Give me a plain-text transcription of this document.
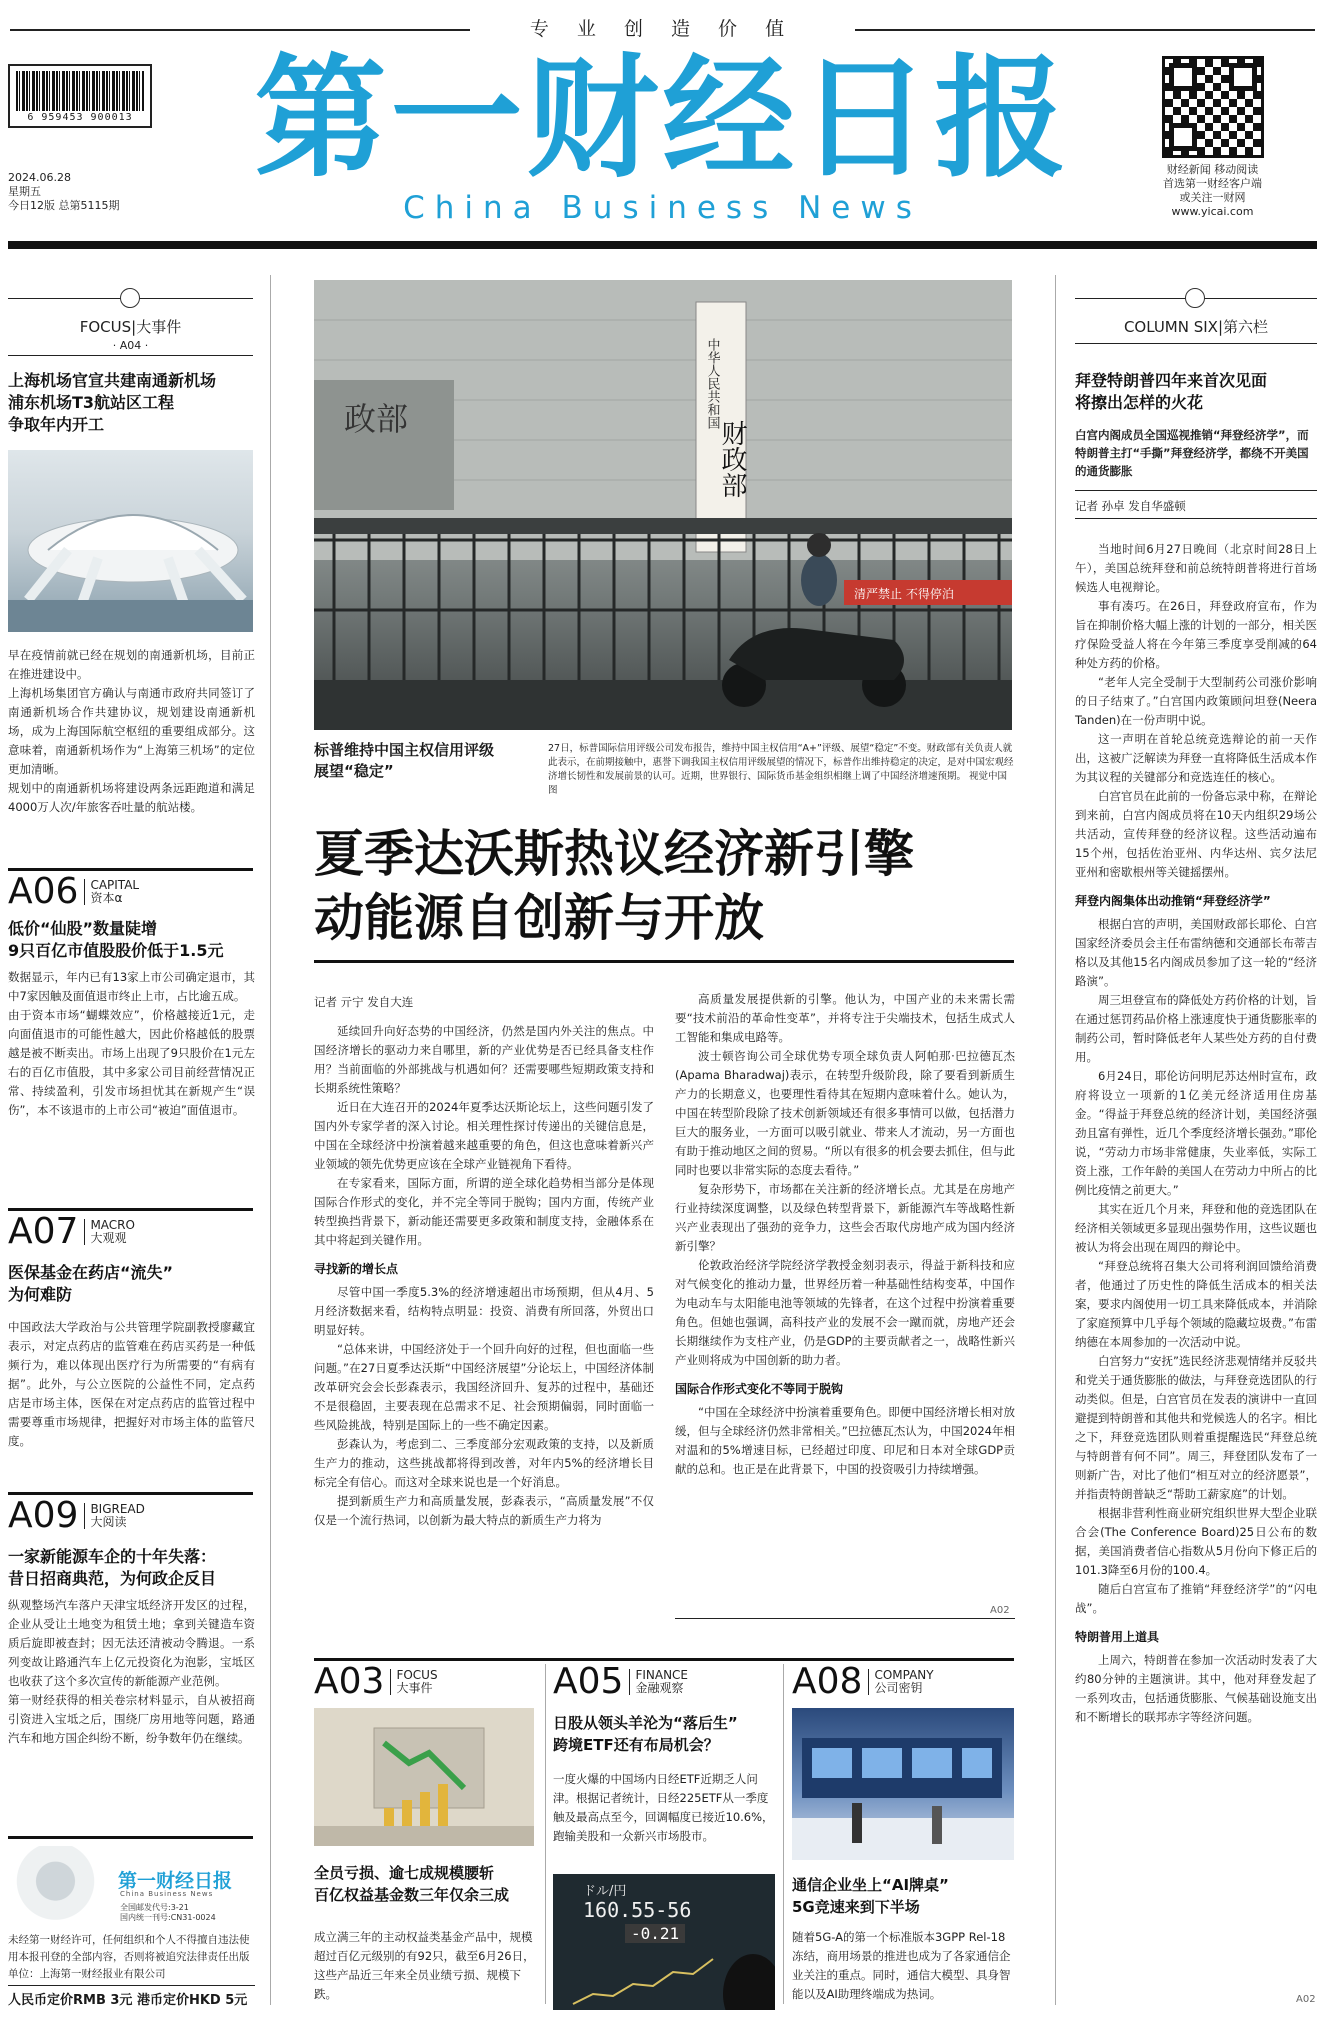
专 业 创 造 价 值
6 959453 900013
2024.06.28
星期五
今日12版 总第5115期
第一财经日报
China Business News
财经新闻 移动阅读
首选第一财经客户端
或关注一财网
www.yicai.com
FOCUS|大事件
· A04 ·
上海机场官宣共建南通新机场
浦东机场T3航站区工程
争取年内开工

早在疫情前就已经在规划的南通新机场，目前正在推进建设中。

上海机场集团官方确认与南通市政府共同签订了南通新机场合作共建协议，规划建设南通新机场，成为上海国际航空枢纽的重要组成部分。这意味着，南通新机场作为“上海第三机场”的定位更加清晰。

规划中的南通新机场将建设两条远距跑道和满足4000万人次/年旅客吞吐量的航站楼。

A06	CAPITAL
资本α
低价“仙股”数量陡增
9只百亿市值股股价低于1.5元

数据显示，年内已有13家上市公司确定退市，其中7家因触及面值退市终止上市，占比逾五成。

由于资本市场“蝴蝶效应”，价格越接近1元，走向面值退市的可能性越大，因此价格越低的股票越是被不断卖出。市场上出现了9只股价在1元左右的百亿市值股，其中多家公司目前经营情况正常、持续盈利，引发市场担忧其在新规产生“误伤”，本不该退市的上市公司“被迫”面值退市。

A07	MACRO
大观观
医保基金在药店“流失”
为何难防

中国政法大学政治与公共管理学院副教授廖藏宜表示，对定点药店的监管难在药店买药是一种低频行为，难以体现出医疗行为所需要的“有病有据”。此外，与公立医院的公益性不同，定点药店是市场主体，医保在对定点药店的监管过程中需要尊重市场规律，把握好对市场主体的监管尺度。

A09	BIGREAD
大阅读
一家新能源车企的十年失落：
昔日招商典范，为何政企反目

纵观整场汽车落户天津宝坻经济开发区的过程，企业从受让土地变为租赁土地；拿到关键造车资质后旋即被查封；因无法还清被动令腾退。一系列变故让路通汽车上亿元投资化为泡影，宝坻区也收获了这个多次宣传的新能源产业范例。

第一财经获得的相关卷宗材料显示，自从被招商引资进入宝坻之后，围绕厂房用地等问题，路通汽车和地方国企纠纷不断，纷争数年仍在继续。

第一财经日报
China Business News
全国邮发代号:3-21
国内统一刊号:CN31-0024
未经第一财经许可，任何组织和个人不得擅自违法使用本报刊登的全部内容，否则将被追究法律责任出版单位：上海第一财经报业有限公司
人民币定价RMB 3元 港币定价HKD 5元
政部	中华人民共和国
财政部
清严禁止 不得停泊
标普维持中国主权信用评级
展望“稳定”
27日，标普国际信用评级公司发布报告，维持中国主权信用“A+”评级、展望“稳定”不变。财政部有关负责人就此表示，在前期接触中，惠誉下调我国主权信用评级展望的情况下，标普作出维持稳定的决定，是对中国宏观经济增长韧性和发展前景的认可。近期，世界银行、国际货币基金组织相继上调了中国经济增速预期。 视觉中国图
夏季达沃斯热议经济新引擎
动能源自创新与开放
记者 亓宁 发自大连

延续回升向好态势的中国经济，仍然是国内外关注的焦点。中国经济增长的驱动力来自哪里，新的产业优势是否已经具备支柱作用？当前面临的外部挑战与机遇如何？还需要哪些短期政策支持和长期系统性策略？

近日在大连召开的2024年夏季达沃斯论坛上，这些问题引发了国内外专家学者的深入讨论。相关理性探讨传递出的关键信息是，中国在全球经济中扮演着越来越重要的角色，但这也意味着新兴产业领域的领先优势更应该在全球产业链视角下看待。

在专家看来，国际方面，所谓的逆全球化趋势相当部分是体现国际合作形式的变化，并不完全等同于脱钩；国内方面，传统产业转型换挡背景下，新动能还需要更多政策和制度支持，金融体系在其中将起到关键作用。

寻找新的增长点

尽管中国一季度5.3%的经济增速超出市场预期，但从4月、5月经济数据来看，结构特点明显：投资、消费有所回落，外贸出口明显好转。

“总体来讲，中国经济处于一个回升向好的过程，但也面临一些问题。”在27日夏季达沃斯“中国经济展望”分论坛上，中国经济体制改革研究会会长彭森表示，我国经济回升、复苏的过程中，基础还不是很稳固，主要表现在总需求不足、社会预期偏弱，同时面临一些风险挑战，特别是国际上的一些不确定因素。

彭森认为，考虑到二、三季度部分宏观政策的支持，以及新质生产力的推动，这些挑战都将得到改善，对年内5%的经济增长目标完全有信心。而这对全球来说也是一个好消息。

提到新质生产力和高质量发展，彭森表示，“高质量发展”不仅仅是一个流行热词，以创新为最大特点的新质生产力将为

高质量发展提供新的引擎。他认为，中国产业的未来需长需要“技术前沿的革命性变革”，并将专注于尖端技术，包括生成式人工智能和集成电路等。

波士顿咨询公司全球优势专项全球负责人阿帕那·巴拉德瓦杰(Apama Bharadwaj)表示，在转型升级阶段，除了要看到新质生产力的长期意义，也要理性看待其在短期内意味着什么。她认为，中国在转型阶段除了技术创新领域还有很多事情可以做，包括潜力巨大的服务业，一方面可以吸引就业、带来人才流动，另一方面也有助于推动地区之间的贸易。“所以有很多的机会要去抓住，但与此同时也要以非常实际的态度去看待。”

复杂形势下，市场都在关注新的经济增长点。尤其是在房地产行业持续深度调整，以及绿色转型背景下，新能源汽车等战略性新兴产业表现出了强劲的竞争力，这些会否取代房地产成为国内经济新引擎？

伦敦政治经济学院经济学教授金刻羽表示，得益于新科技和应对气候变化的推动力量，世界经历着一种基础性结构变革，中国作为电动车与太阳能电池等领域的先锋者，在这个过程中扮演着重要角色。但她也强调，高科技产业的发展不会一蹴而就，房地产还会长期继续作为支柱产业，仍是GDP的主要贡献者之一，战略性新兴产业则将成为中国创新的助力者。

国际合作形式变化不等同于脱钩

“中国在全球经济中扮演着重要角色。即便中国经济增长相对放缓，但与全球经济仍然非常相关。”巴拉德瓦杰认为，中国2024年相对温和的5%增速目标，已经超过印度、印尼和日本对全球GDP贡献的总和。也正是在此背景下，中国的投资吸引力持续增强。

A02
A03	FOCUS
大事件
全员亏损、逾七成规模腰斩
百亿权益基金数三年仅余三成
成立满三年的主动权益类基金产品中，规模超过百亿元级别的有92只，截至6月26日，这些产品近三年来全员业绩亏损、规模下跌。
A05	FINANCE
金融观察
日股从领头羊沦为“落后生”
跨境ETF还有布局机会？
一度火爆的中国场内日经ETF近期乏人问津。根据记者统计，日经225ETF从一季度触及最高点至今，回调幅度已接近10.6%，跑输美股和一众新兴市场股市。
ドル/円
160.55-56
-0.21
A08	COMPANY
公司密钥
通信企业坐上“AI牌桌”
5G竞速来到下半场
随着5G-A的第一个标准版本3GPP Rel-18冻结，商用场景的推进也成为了各家通信企业关注的重点。同时，通信大模型、具身智能以及AI助理终端成为热词。
COLUMN SIX|第六栏
拜登特朗普四年来首次见面
将擦出怎样的火花
白宫内阁成员全国巡视推销“拜登经济学”，而特朗普主打“手撕”拜登经济学，都绕不开美国的通货膨胀
记者 孙卓 发自华盛顿

当地时间6月27日晚间（北京时间28日上午），美国总统拜登和前总统特朗普将进行首场候选人电视辩论。

事有凑巧。在26日，拜登政府宣布，作为旨在抑制价格大幅上涨的计划的一部分，相关医疗保险受益人将在今年第三季度享受削减的64种处方药的价格。

“老年人完全受制于大型制药公司涨价影响的日子结束了。”白宫国内政策顾问坦登(Neera Tanden)在一份声明中说。

这一声明在首轮总统竞选辩论的前一天作出，这被广泛解读为拜登一直将降低生活成本作为其议程的关键部分和竞选连任的核心。

白宫官员在此前的一份备忘录中称，在辩论到来前，白宫内阁成员将在10天内组织29场公共活动，宣传拜登的经济议程。这些活动遍布15个州，包括佐治亚州、内华达州、宾夕法尼亚州和密歇根州等关键摇摆州。

拜登内阁集体出动推销“拜登经济学”

根据白宫的声明，美国财政部长耶伦、白宫国家经济委员会主任布雷纳德和交通部长布蒂吉格以及其他15名内阁成员参加了这一轮的“经济路演”。

周三坦登宣布的降低处方药价格的计划，旨在通过惩罚药品价格上涨速度快于通货膨胀率的制药公司，暂时降低老年人某些处方药的自付费用。

6月24日，耶伦访问明尼苏达州时宣布，政府将设立一项新的1亿美元经济适用住房基金。“得益于拜登总统的经济计划，美国经济强劲且富有弹性，近几个季度经济增长强劲。”耶伦说，“劳动力市场非常健康，失业率低，实际工资上涨，工作年龄的美国人在劳动力中所占的比例比疫情之前更大。”

其实在近几个月来，拜登和他的竞选团队在经济相关领域更多显现出强势作用，这些议题也被认为将会出现在周四的辩论中。

“拜登总统将召集大公司将利润回馈给消费者，他通过了历史性的降低生活成本的相关法案，要求内阁使用一切工具来降低成本，并消除了家庭预算中几乎每个领域的隐藏垃圾费。”布雷纳德在本周参加的一次活动中说。

白宫努力“安抚”选民经济悲观情绪并反驳共和党关于通货膨胀的做法，与拜登竞选团队的行动类似。但是，白宫官员在发表的演讲中一直回避提到特朗普和其他共和党候选人的名字。相比之下，拜登竞选团队则着重提醒选民“拜登总统与特朗普有何不同”。周三，拜登团队发布了一则新广告，对比了他们“相互对立的经济愿景”，并指责特朗普缺乏“帮助工薪家庭”的计划。

根据非营利性商业研究组织世界大型企业联合会(The Conference Board)25日公布的数据，美国消费者信心指数从5月份向下修正后的101.3降至6月份的100.4。

随后白宫宣布了推销“拜登经济学”的“闪电战”。

特朗普用上道具

上周六，特朗普在参加一次活动时发表了大约80分钟的主题演讲。其中，他对拜登发起了一系列攻击，包括通货膨胀、气候基础设施支出和不断增长的联邦赤字等经济问题。

A02
